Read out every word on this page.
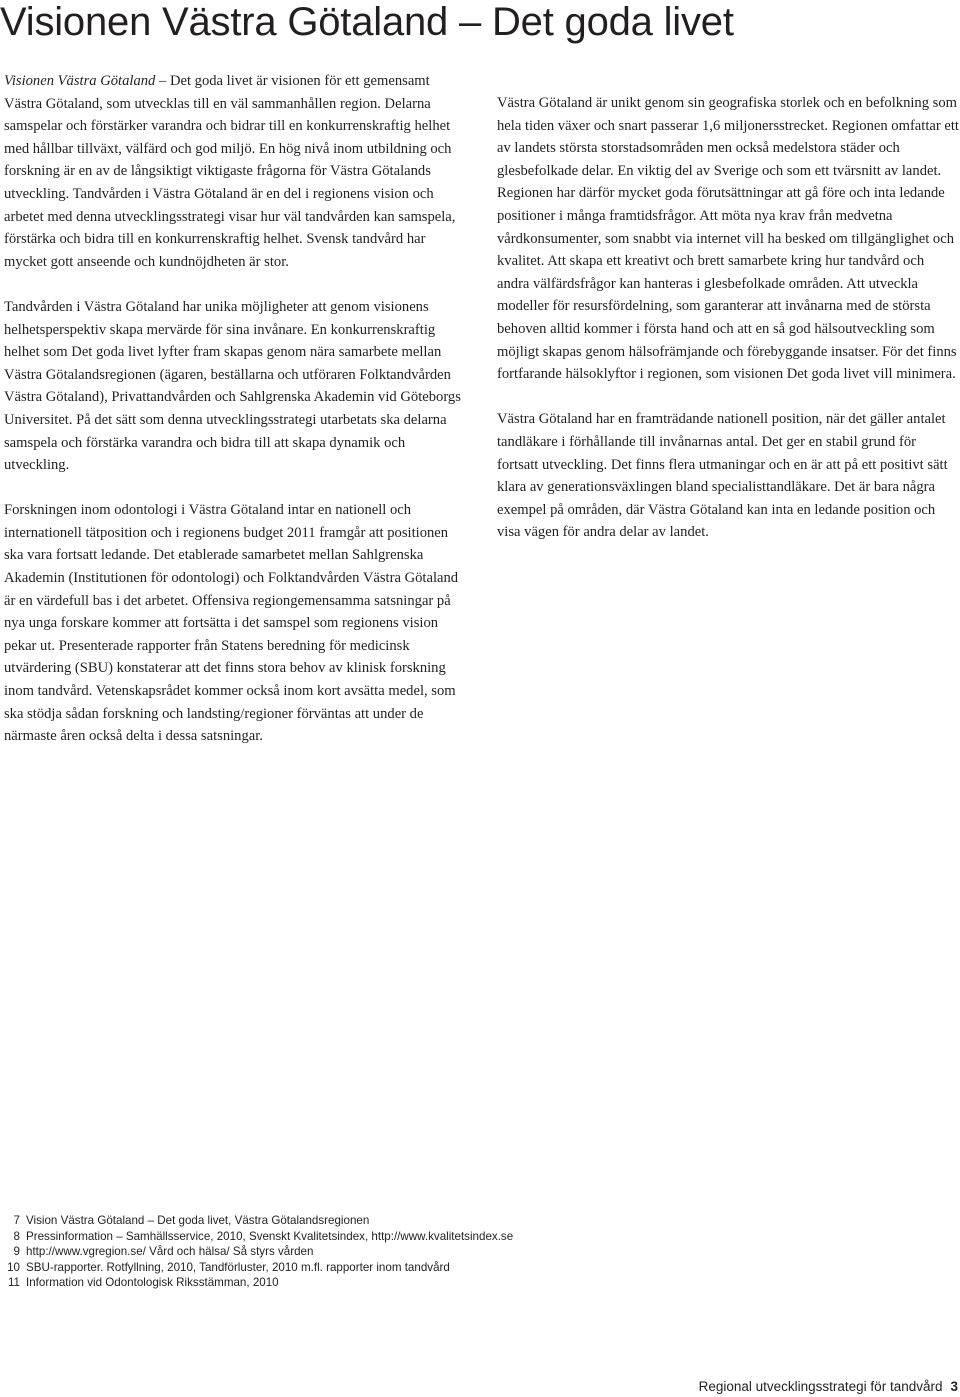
Visionen Västra Götaland – Det goda livet

Visionen Västra Götaland – Det goda livet är visionen för ett gemensamt Västra Götaland, som utvecklas till en väl sammanhållen region. Delarna samspelar och förstärker varandra och bidrar till en konkurrenskraftig helhet med hållbar tillväxt, välfärd och god miljö. En hög nivå inom utbildning och forskning är en av de långsiktigt viktigaste frågorna för Västra Götalands utveckling. Tandvården i Västra Götaland är en del i regionens vision och arbetet med denna utvecklingsstrategi visar hur väl tandvården kan samspela, förstärka och bidra till en konkurrenskraftig helhet. Svensk tandvård har mycket gott anseende och kundnöjdheten är stor.

Tandvården i Västra Götaland har unika möjligheter att genom visionens helhetsperspektiv skapa mervärde för sina invånare. En konkurrenskraftig helhet som Det goda livet lyfter fram skapas genom nära samarbete mellan Västra Götalandsregionen (ägaren, beställarna och utföraren Folktandvården Västra Götaland), Privattandvården och Sahlgrenska Akademin vid Göteborgs Universitet. På det sätt som denna utvecklingsstrategi utarbetats ska delarna samspela och förstärka varandra och bidra till att skapa dynamik och utveckling.

Forskningen inom odontologi i Västra Götaland intar en nationell och internationell tätposition och i regionens budget 2011 framgår att positionen ska vara fortsatt ledande. Det etablerade samarbetet mellan Sahlgrenska Akademin (Institutionen för odontologi) och Folktandvården Västra Götaland är en värdefull bas i det arbetet. Offensiva regiongemensamma satsningar på nya unga forskare kommer att fortsätta i det samspel som regionens vision pekar ut. Presenterade rapporter från Statens beredning för medicinsk utvärdering (SBU) konstaterar att det finns stora behov av klinisk forskning inom tandvård. Vetenskapsrådet kommer också inom kort avsätta medel, som ska stödja sådan forskning och landsting/regioner förväntas att under de närmaste åren också delta i dessa satsningar.

Västra Götaland är unikt genom sin geografiska storlek och en befolkning som hela tiden växer och snart passerar 1,6 miljonersstrecket. Regionen omfattar ett av landets största storstadsområden men också medelstora städer och glesbefolkade delar. En viktig del av Sverige och som ett tvärsnitt av landet. Regionen har därför mycket goda förutsättningar att gå före och inta ledande positioner i många framtidsfrågor. Att möta nya krav från medvetna vårdkonsumenter, som snabbt via internet vill ha besked om tillgänglighet och kvalitet. Att skapa ett kreativt och brett samarbete kring hur tandvård och andra välfärdsfrågor kan hanteras i glesbefolkade områden. Att utveckla modeller för resursfördelning, som garanterar att invånarna med de största behoven alltid kommer i första hand och att en så god hälsoutveckling som möjligt skapas genom hälsofrämjande och förebyggande insatser. För det finns fortfarande hälsoklyftor i regionen, som visionen Det goda livet vill minimera.

Västra Götaland har en framträdande nationell position, när det gäller antalet tandläkare i förhållande till invånarnas antal. Det ger en stabil grund för fortsatt utveckling. Det finns flera utmaningar och en är att på ett positivt sätt klara av generationsväxlingen bland specialisttandläkare. Det är bara några exempel på områden, där Västra Götaland kan inta en ledande position och visa vägen för andra delar av landet.

7 Vision Västra Götaland – Det goda livet, Västra Götalandsregionen
8 Pressinformation – Samhällsservice, 2010, Svenskt Kvalitetsindex, http://www.kvalitetsindex.se
9 http://www.vgregion.se/ Vård och hälsa/ Så styrs vården
10 SBU-rapporter. Rotfyllning, 2010, Tandförluster, 2010 m.fl. rapporter inom tandvård
11 Information vid Odontologisk Riksstämman, 2010
Regional utvecklingsstrategi för tandvård 3
